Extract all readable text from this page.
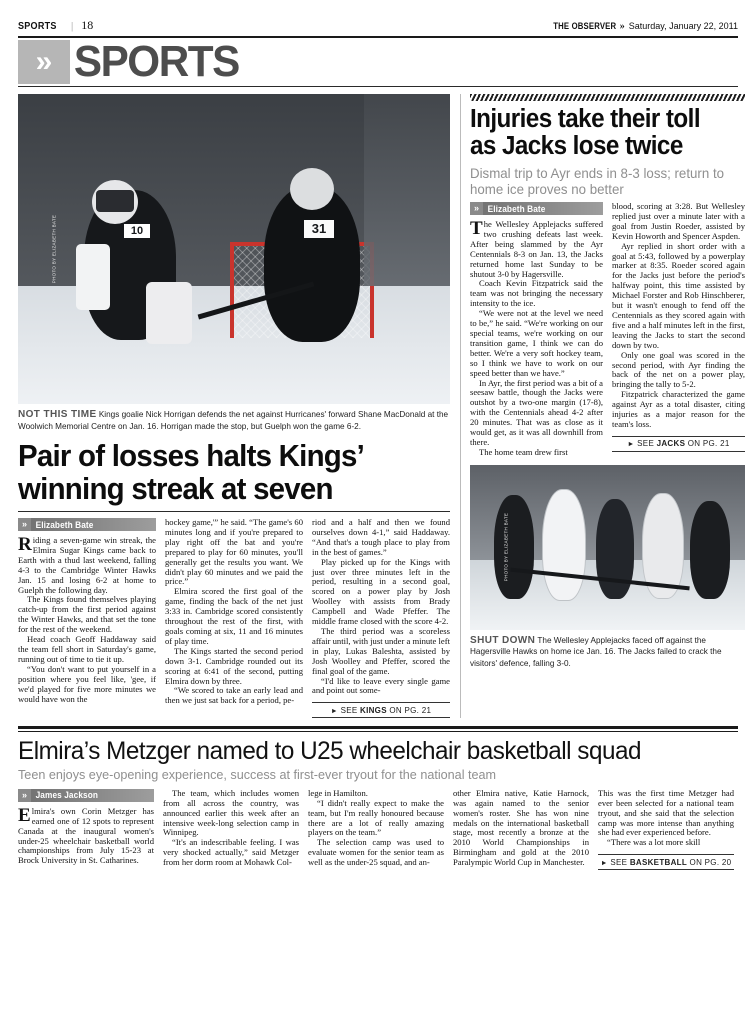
SPORTS | 18	THE OBSERVER » Saturday, January 22, 2011
» SPORTS
10	31
PHOTO BY ELIZABETH BATE
NOT THIS TIME Kings goalie Nick Horrigan defends the net against Hurricanes' forward Shane MacDonald at the Woolwich Memorial Centre on Jan. 16. Horrigan made the stop, but Guelph won the game 6-2.
Pair of losses halts Kings’ winning streak at seven
» Elizabeth Bate

Riding a seven-game win streak, the Elmira Sugar Kings came back to Earth with a thud last weekend, falling 4-3 to the Cambridge Winter Hawks Jan. 15 and losing 6-2 at home to Guelph the following day.

The Kings found themselves playing catch-up from the first period against the Winter Hawks, and that set the tone for the rest of the weekend.

Head coach Geoff Haddaway said the team fell short in Saturday's game, running out of time to tie it up.

“You don't want to put yourself in a position where you feel like, 'gee, if we'd played for five more minutes we would have won the

hockey game,'” he said. “The game's 60 minutes long and if you're prepared to play right off the bat and you're prepared to play for 60 minutes, you'll generally get the results you want. We didn't play 60 minutes and we paid the price.”

Elmira scored the first goal of the game, finding the back of the net just 3:33 in. Cambridge scored consistently throughout the rest of the first, with goals coming at six, 11 and 16 minutes of play time.

The Kings started the second period down 3-1. Cambridge rounded out its scoring at 6:41 of the second, putting Elmira down by three.

“We scored to take an early lead and then we just sat back for a period, pe-

riod and a half and then we found ourselves down 4-1,” said Haddaway. “And that's a tough place to play from in the best of games.”

Play picked up for the Kings with just over three minutes left in the period, resulting in a second goal, scored on a power play by Josh Woolley with assists from Brady Campbell and Wade Pfeffer. The middle frame closed with the score 4-2.

The third period was a scoreless affair until, with just under a minute left in play, Lukas Baleshta, assisted by Josh Woolley and Pfeffer, scored the final goal of the game.

“I'd like to leave every single game and point out some-

► SEE KINGS ON PG. 21
Injuries take their toll as Jacks lose twice
Dismal trip to Ayr ends in 8-3 loss; return to home ice proves no better
» Elizabeth Bate

The Wellesley Applejacks suffered two crushing defeats last week. After being slammed by the Ayr Centennials 8-3 on Jan. 13, the Jacks returned home last Sunday to be shutout 3-0 by Hagersville.

Coach Kevin Fitzpatrick said the team was not bringing the necessary intensity to the ice.

“We were not at the level we need to be,” he said. “We're working on our special teams, we're working on our transition game, I think we can do better. We're a very soft hockey team, so I think we have to work on our speed better than we have.”

In Ayr, the first period was a bit of a seesaw battle, though the Jacks were outshot by a two-one margin (17-8), with the Centennials ahead 4-2 after 20 minutes. That was as close as it would get, as it was all downhill from there.

The home team drew first

blood, scoring at 3:28. But Wellesley replied just over a minute later with a goal from Justin Roeder, assisted by Kevin Howorth and Spencer Aspden.

Ayr replied in short order with a goal at 5:43, followed by a powerplay marker at 8:35. Roeder scored again for the Jacks just before the period's halfway point, this time assisted by Michael Forster and Rob Hinschberer, but it wasn't enough to fend off the Centennials as they scored again with five and a half minutes left in the first, leaving the Jacks to start the second down by two.

Only one goal was scored in the second period, with Ayr finding the back of the net on a power play, bringing the tally to 5-2.

Fitzpatrick characterized the game against Ayr as a total disaster, citing injuries as a major reason for the team's loss.

► SEE JACKS ON PG. 21
PHOTO BY ELIZABETH BATE
SHUT DOWN The Wellesley Applejacks faced off against the Hagersville Hawks on home ice Jan. 16. The Jacks failed to crack the visitors' defence, falling 3-0.
Elmira’s Metzger named to U25 wheelchair basketball squad
Teen enjoys eye-opening experience, success at first-ever tryout for the national team
» James Jackson

Elmira's own Corin Metzger has earned one of 12 spots to represent Canada at the inaugural women's under-25 wheelchair basketball world championships from July 15-23 at Brock University in St. Catharines.

The team, which includes women from all across the country, was announced earlier this week after an intensive week-long selection camp in Winnipeg.

“It's an indescribable feeling. I was very shocked actually,” said Metzger from her dorm room at Mohawk Col-

lege in Hamilton.

“I didn't really expect to make the team, but I'm really honoured because there are a lot of really amazing players on the team.”

The selection camp was used to evaluate women for the senior team as well as the under-25 squad, and an-

other Elmira native, Katie Harnock, was again named to the senior women's roster. She has won nine medals on the international basketball stage, most recently a bronze at the 2010 World Championships in Birmingham and gold at the 2010 Paralympic World Cup in Manchester.

This was the first time Metzger had ever been selected for a national team tryout, and she said that the selection camp was more intense than anything she had ever experienced before.

“There was a lot more skill

► SEE BASKETBALL ON PG. 20
